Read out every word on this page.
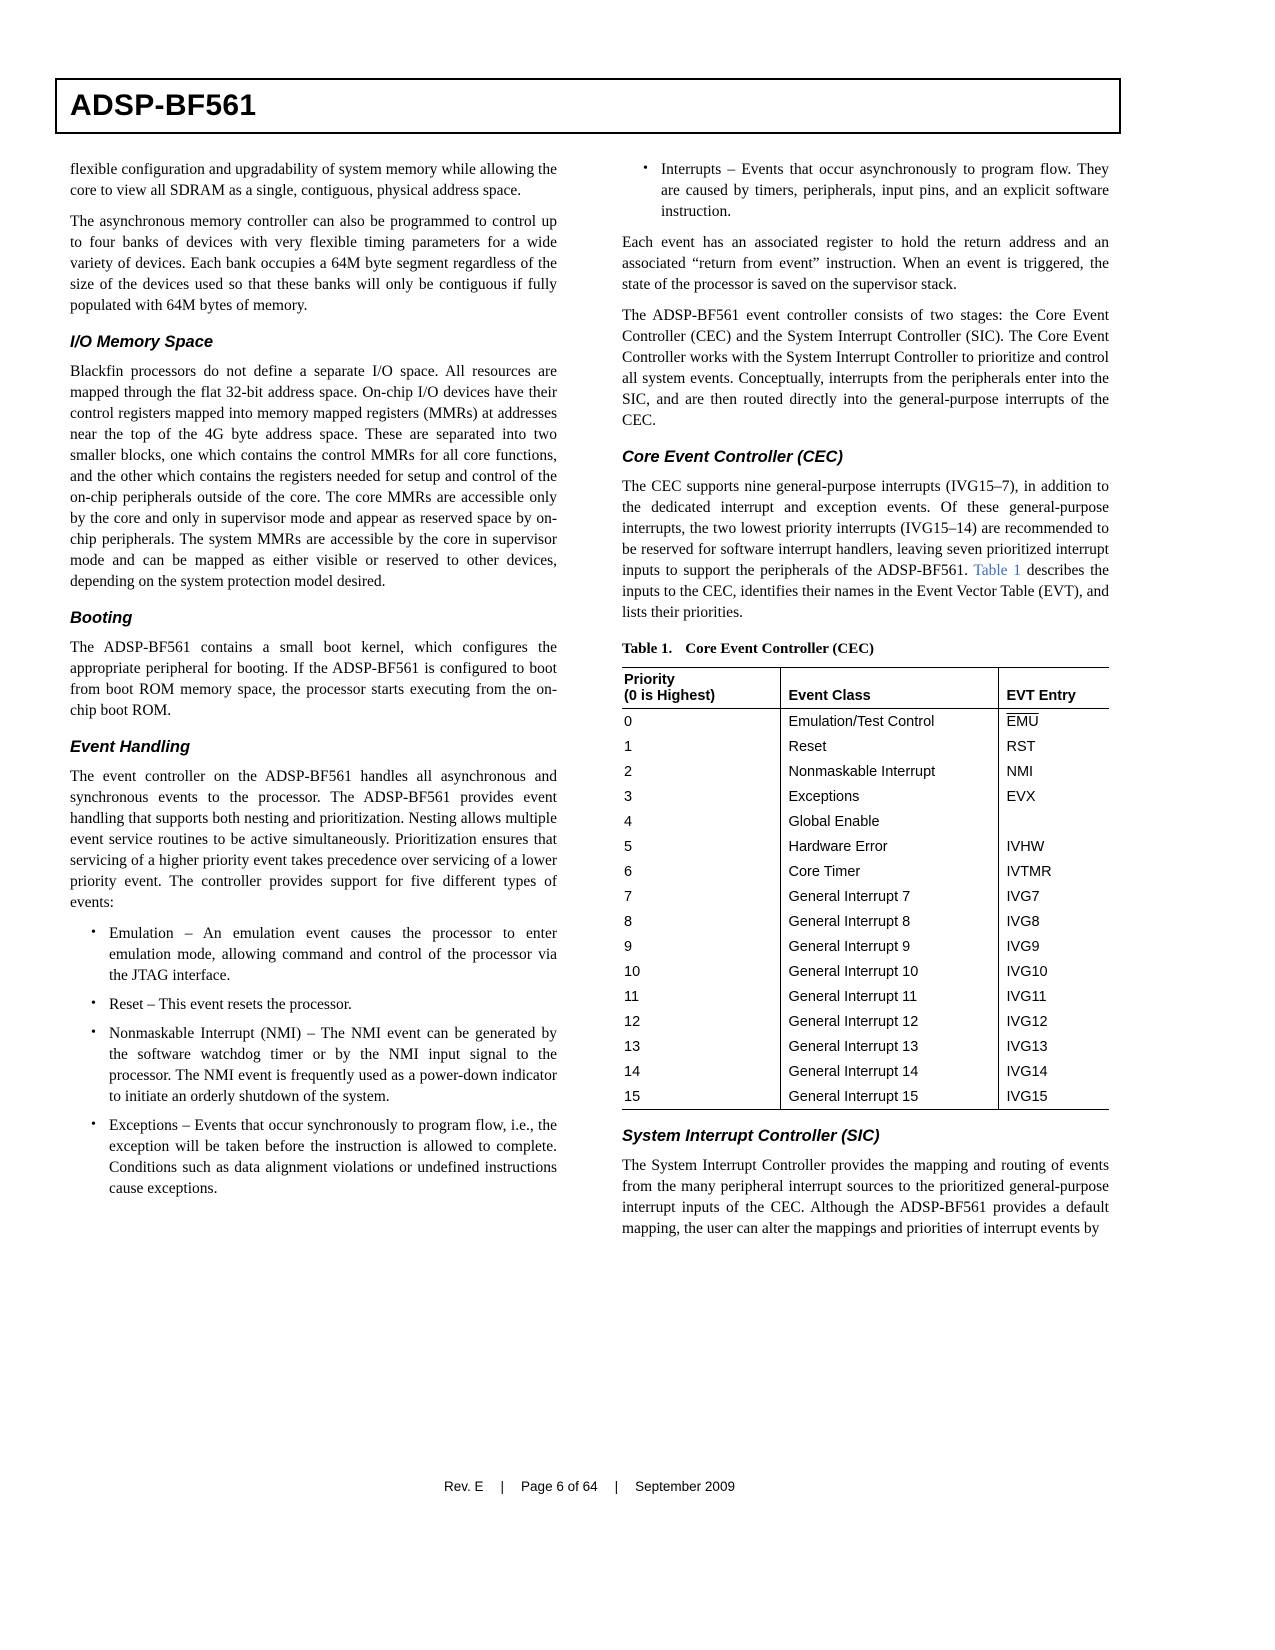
ADSP-BF561

flexible configuration and upgradability of system memory while allowing the core to view all SDRAM as a single, contiguous, physical address space.

The asynchronous memory controller can also be programmed to control up to four banks of devices with very flexible timing parameters for a wide variety of devices. Each bank occupies a 64M byte segment regardless of the size of the devices used so that these banks will only be contiguous if fully populated with 64M bytes of memory.

I/O Memory Space

Blackfin processors do not define a separate I/O space. All resources are mapped through the flat 32-bit address space. On-chip I/O devices have their control registers mapped into memory mapped registers (MMRs) at addresses near the top of the 4G byte address space. These are separated into two smaller blocks, one which contains the control MMRs for all core functions, and the other which contains the registers needed for setup and control of the on-chip peripherals outside of the core. The core MMRs are accessible only by the core and only in supervisor mode and appear as reserved space by on-chip peripherals. The system MMRs are accessible by the core in supervisor mode and can be mapped as either visible or reserved to other devices, depending on the system protection model desired.

Booting

The ADSP-BF561 contains a small boot kernel, which configures the appropriate peripheral for booting. If the ADSP-BF561 is configured to boot from boot ROM memory space, the processor starts executing from the on-chip boot ROM.

Event Handling

The event controller on the ADSP-BF561 handles all asynchronous and synchronous events to the processor. The ADSP-BF561 provides event handling that supports both nesting and prioritization. Nesting allows multiple event service routines to be active simultaneously. Prioritization ensures that servicing of a higher priority event takes precedence over servicing of a lower priority event. The controller provides support for five different types of events:

• Emulation – An emulation event causes the processor to enter emulation mode, allowing command and control of the processor via the JTAG interface.
• Reset – This event resets the processor.
• Nonmaskable Interrupt (NMI) – The NMI event can be generated by the software watchdog timer or by the NMI input signal to the processor. The NMI event is frequently used as a power-down indicator to initiate an orderly shutdown of the system.
• Exceptions – Events that occur synchronously to program flow, i.e., the exception will be taken before the instruction is allowed to complete. Conditions such as data alignment violations or undefined instructions cause exceptions.
• Interrupts – Events that occur asynchronously to program flow. They are caused by timers, peripherals, input pins, and an explicit software instruction.

Each event has an associated register to hold the return address and an associated “return from event” instruction. When an event is triggered, the state of the processor is saved on the supervisor stack.

The ADSP-BF561 event controller consists of two stages: the Core Event Controller (CEC) and the System Interrupt Controller (SIC). The Core Event Controller works with the System Interrupt Controller to prioritize and control all system events. Conceptually, interrupts from the peripherals enter into the SIC, and are then routed directly into the general-purpose interrupts of the CEC.

Core Event Controller (CEC)

The CEC supports nine general-purpose interrupts (IVG15–7), in addition to the dedicated interrupt and exception events. Of these general-purpose interrupts, the two lowest priority interrupts (IVG15–14) are recommended to be reserved for software interrupt handlers, leaving seven prioritized interrupt inputs to support the peripherals of the ADSP-BF561. Table 1 describes the inputs to the CEC, identifies their names in the Event Vector Table (EVT), and lists their priorities.

Table 1. Core Event Controller (CEC)

Priority
(0 is Highest)	Event Class	EVT Entry
0	Emulation/Test Control	$\overline{EMU}$
1	Reset	RST
2	Nonmaskable Interrupt	NMI
3	Exceptions	EVX
4	Global Enable	
5	Hardware Error	IVHW
6	Core Timer	IVTMR
7	General Interrupt 7	IVG7
8	General Interrupt 8	IVG8
9	General Interrupt 9	IVG9
10	General Interrupt 10	IVG10
11	General Interrupt 11	IVG11
12	General Interrupt 12	IVG12
13	General Interrupt 13	IVG13
14	General Interrupt 14	IVG14
15	General Interrupt 15	IVG15
System Interrupt Controller (SIC)

The System Interrupt Controller provides the mapping and routing of events from the many peripheral interrupt sources to the prioritized general-purpose interrupt inputs of the CEC. Although the ADSP-BF561 provides a default mapping, the user can alter the mappings and priorities of interrupt events by

Rev. E | Page 6 of 64 | September 2009
